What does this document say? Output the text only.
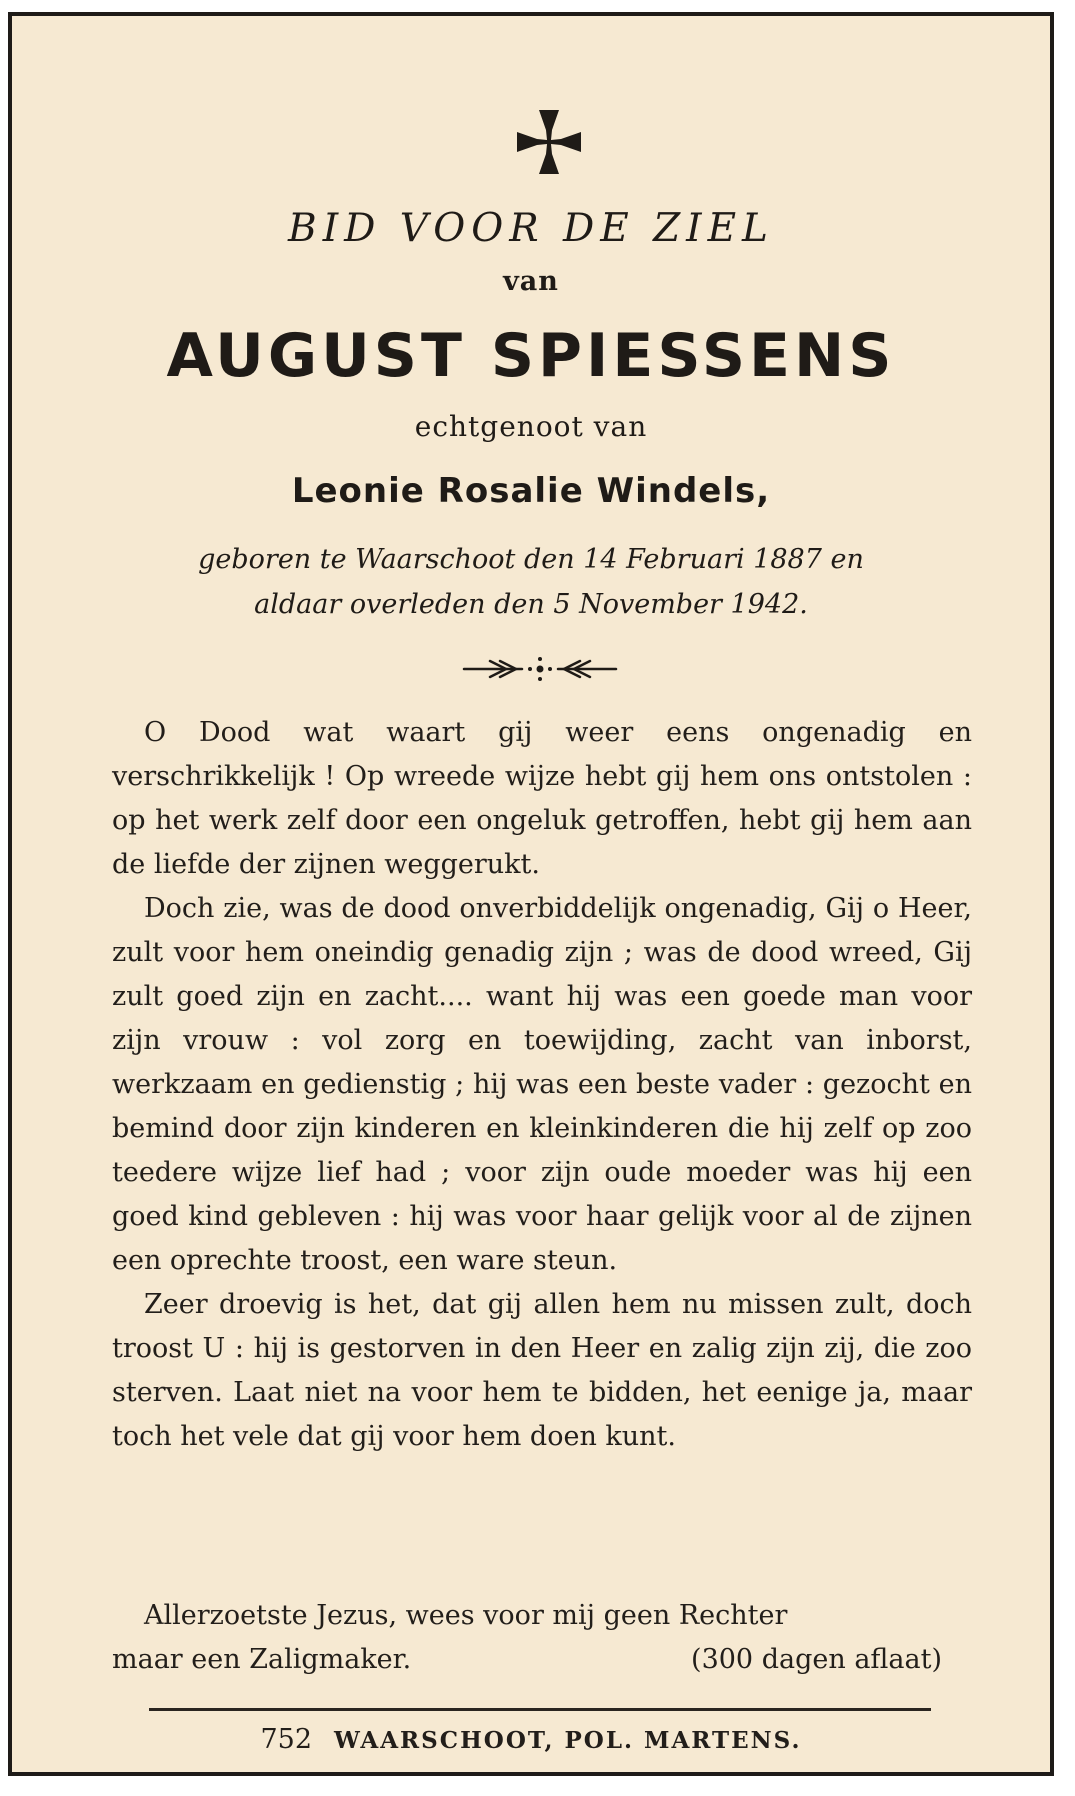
BID VOOR DE ZIEL
van
AUGUST SPIESSENS
echtgenoot van
Leonie Rosalie Windels,
geboren te Waarschoot den 14 Februari 1887 en
aldaar overleden den 5 November 1942.

O Dood wat waart gij weer eens ongenadig en verschrikkelijk ! Op wreede wijze hebt gij hem ons ontstolen : op het werk zelf door een ongeluk getroffen, hebt gij hem aan de liefde der zijnen weggerukt.

Doch zie, was de dood onverbiddelijk ongenadig, Gij o Heer, zult voor hem oneindig genadig zijn ; was de dood wreed, Gij zult goed zijn en zacht.... want hij was een goede man voor zijn vrouw : vol zorg en toewijding, zacht van inborst, werkzaam en gedienstig ; hij was een beste vader : gezocht en bemind door zijn kinderen en kleinkinderen die hij zelf op zoo teedere wijze lief had ; voor zijn oude moeder was hij een goed kind gebleven : hij was voor haar gelijk voor al de zijnen een oprechte troost, een ware steun.

Zeer droevig is het, dat gij allen hem nu missen zult, doch troost U : hij is gestorven in den Heer en zalig zijn zij, die zoo sterven. Laat niet na voor hem te bidden, het eenige ja, maar toch het vele dat gij voor hem doen kunt.

Allerzoetste Jezus, wees voor mij geen Rechter
maar een Zaligmaker.	(300 dagen aflaat)
752 WAARSCHOOT, POL. MARTENS.
